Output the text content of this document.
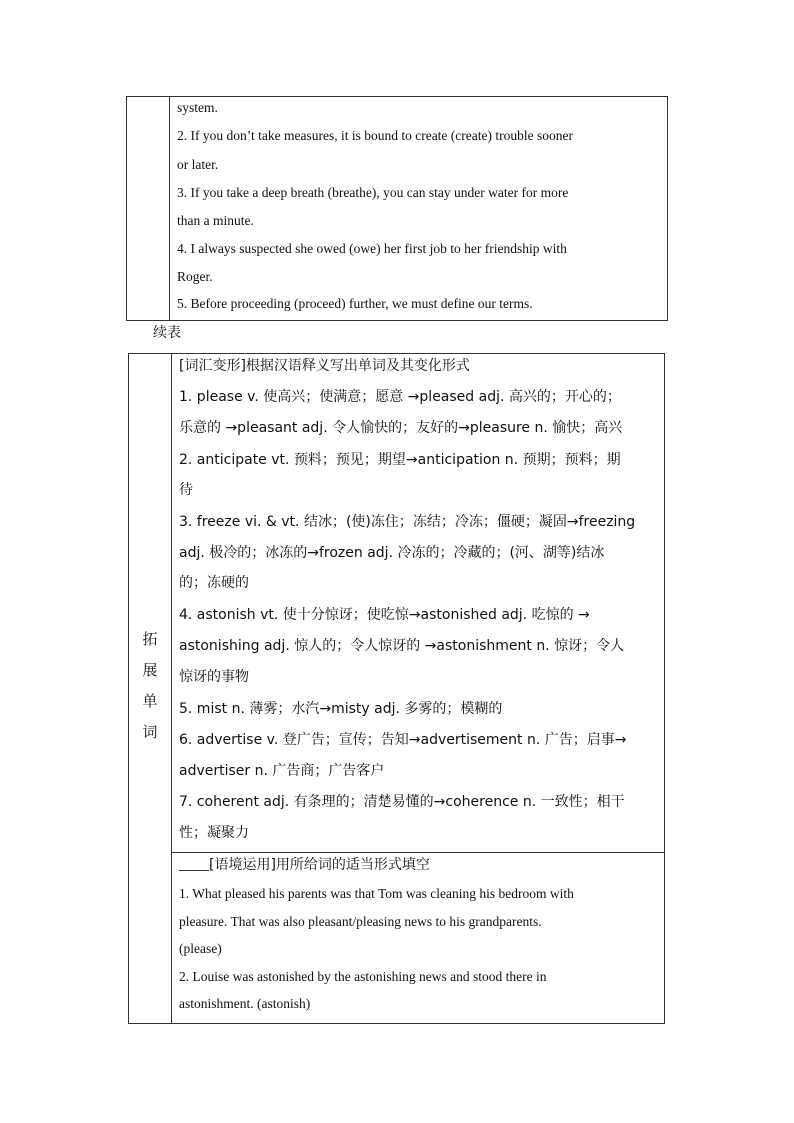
system.
2. If you don’t take measures, it is bound to create (create) trouble sooner
or later.
3. If you take a deep breath (breathe), you can stay under water for more
than a minute.
4. I always suspected she owed (owe) her first job to her friendship with
Roger.
5. Before proceeding (proceed) further, we must define our terms.
续表
拓
展
单
词
[词汇变形]根据汉语释义写出单词及其变化形式
1. please v. 使高兴；使满意；愿意 →pleased adj. 高兴的；开心的；
乐意的 →pleasant adj. 令人愉快的；友好的→pleasure n. 愉快；高兴
2. anticipate vt. 预料；预见；期望→anticipation n. 预期；预料；期
待
3. freeze vi. & vt. 结冰；(使)冻住；冻结；冷冻；僵硬；凝固→freezing
adj. 极冷的；冰冻的→frozen adj. 冷冻的；冷藏的；(河、湖等)结冰
的；冻硬的
4. astonish vt. 使十分惊讶；使吃惊→astonished adj. 吃惊的 →
astonishing adj. 惊人的；令人惊讶的 →astonishment n. 惊讶；令人
惊讶的事物
5. mist n. 薄雾；水汽→misty adj. 多雾的；模糊的
6. advertise v. 登广告；宣传；告知→advertisement n. 广告；启事→
advertiser n. 广告商；广告客户
7. coherent adj. 有条理的；清楚易懂的→coherence n. 一致性；相干
性；凝聚力
[语境运用]用所给词的适当形式填空
1. What pleased his parents was that Tom was cleaning his bedroom with
pleasure. That was also pleasant/pleasing news to his grandparents.
(please)
2. Louise was astonished by the astonishing news and stood there in
astonishment. (astonish)
